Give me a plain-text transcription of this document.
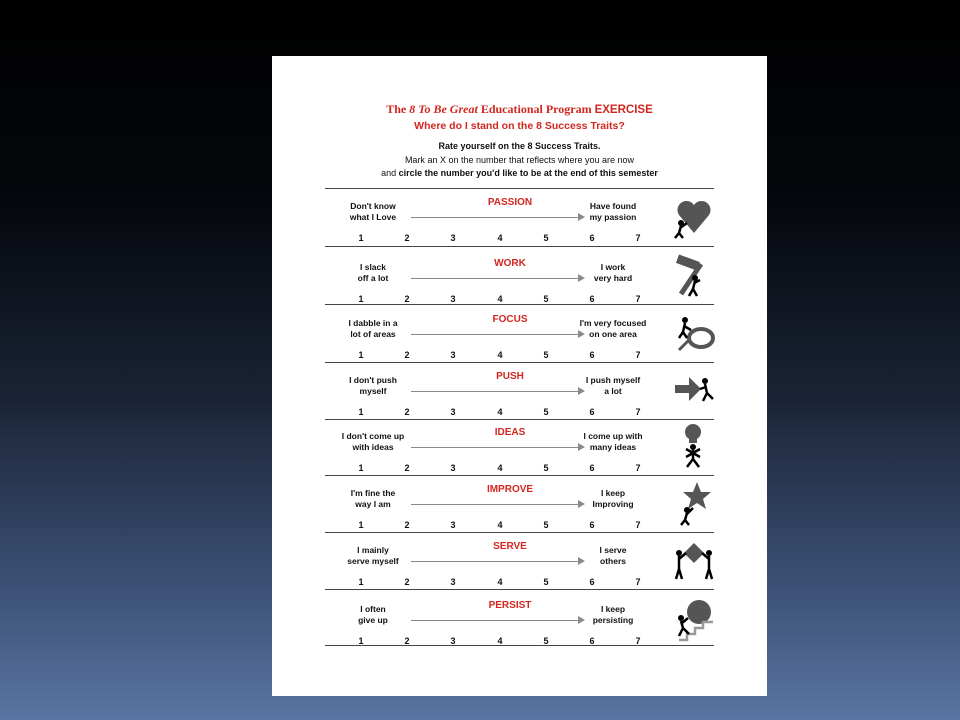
The 8 To Be Great Educational Program EXERCISE
Where do I stand on the 8 Success Traits?
Rate yourself on the 8 Success Traits.
Mark an X on the number that reflects where you are now
and circle the number you'd like to be at the end of this semester
Don't know
what I Love
PASSION	Have found
my passion
1	2	3	4	5	6	7
I slack
off a lot
WORK	I work
very hard
1	2	3	4	5	6	7
I dabble in a
lot of areas
FOCUS	I'm very focused
on one area
1	2	3	4	5	6	7
I don't push
myself
PUSH	I push myself
a lot
1	2	3	4	5	6	7
I don't come up
with ideas
IDEAS	I come up with
many ideas
1	2	3	4	5	6	7
I'm fine the
way I am
IMPROVE	I keep
Improving
1	2	3	4	5	6	7
I mainly
serve myself
SERVE	I serve
others
1	2	3	4	5	6	7
I often
give up
PERSIST	I keep
persisting
1	2	3	4	5	6	7
